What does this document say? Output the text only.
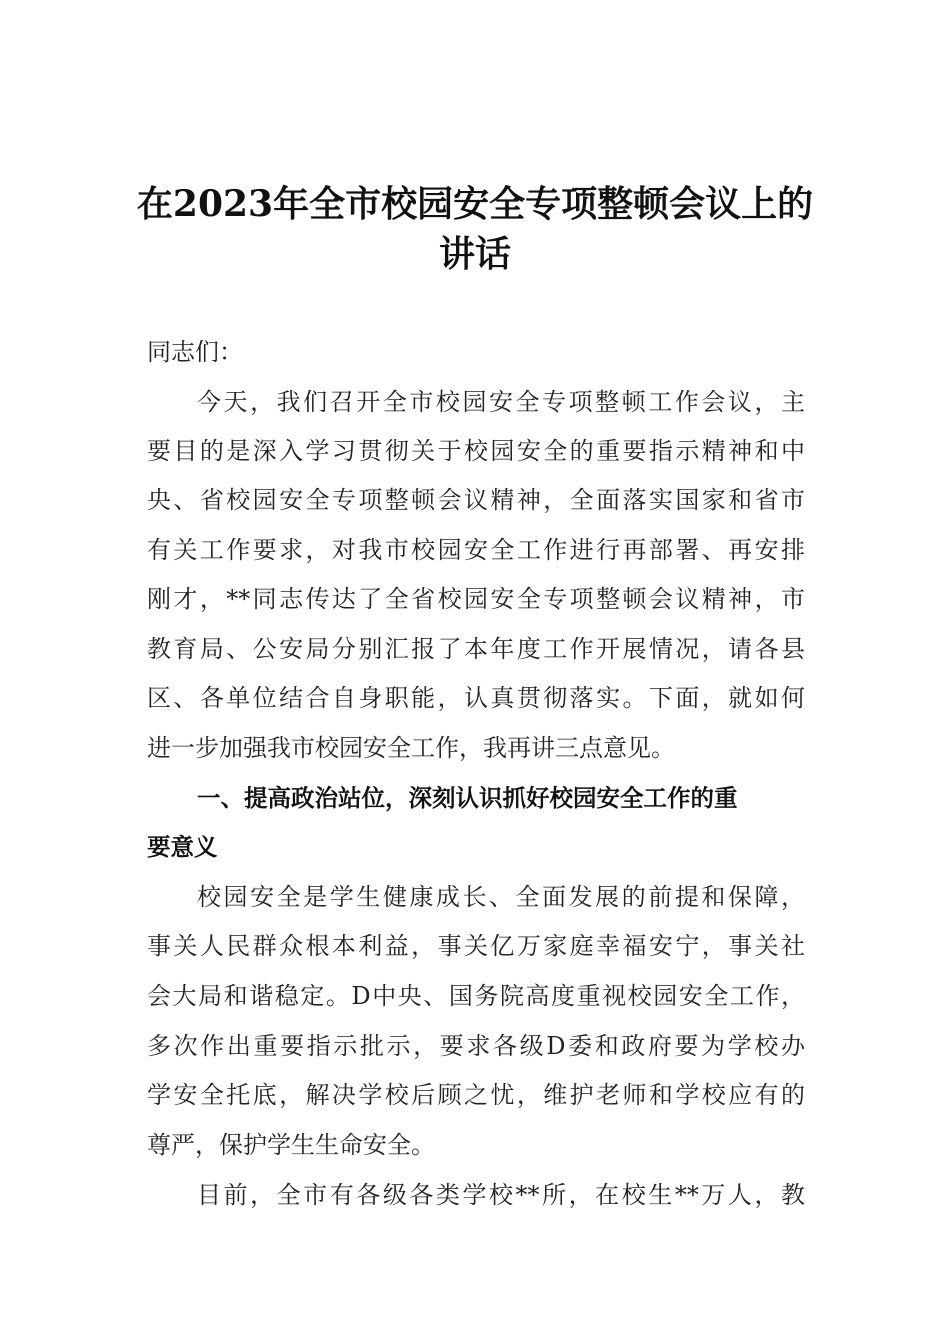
在2023年全市校园安全专项整顿会议上的
讲话
同志们：
今天，我们召开全市校园安全专项整顿工作会议，主
要目的是深入学习贯彻关于校园安全的重要指示精神和中
央、省校园安全专项整顿会议精神，全面落实国家和省市
有关工作要求，对我市校园安全工作进行再部署、再安排
刚才，**同志传达了全省校园安全专项整顿会议精神，市
教育局、公安局分别汇报了本年度工作开展情况，请各县
区、各单位结合自身职能，认真贯彻落实。下面，就如何
进一步加强我市校园安全工作，我再讲三点意见。
一、提高政治站位，深刻认识抓好校园安全工作的重
要意义
校园安全是学生健康成长、全面发展的前提和保障，
事关人民群众根本利益，事关亿万家庭幸福安宁，事关社
会大局和谐稳定。D中央、国务院高度重视校园安全工作，
多次作出重要指示批示，要求各级D委和政府要为学校办
学安全托底，解决学校后顾之忧，维护老师和学校应有的
尊严，保护学生生命安全。
目前，全市有各级各类学校**所，在校生**万人，教
